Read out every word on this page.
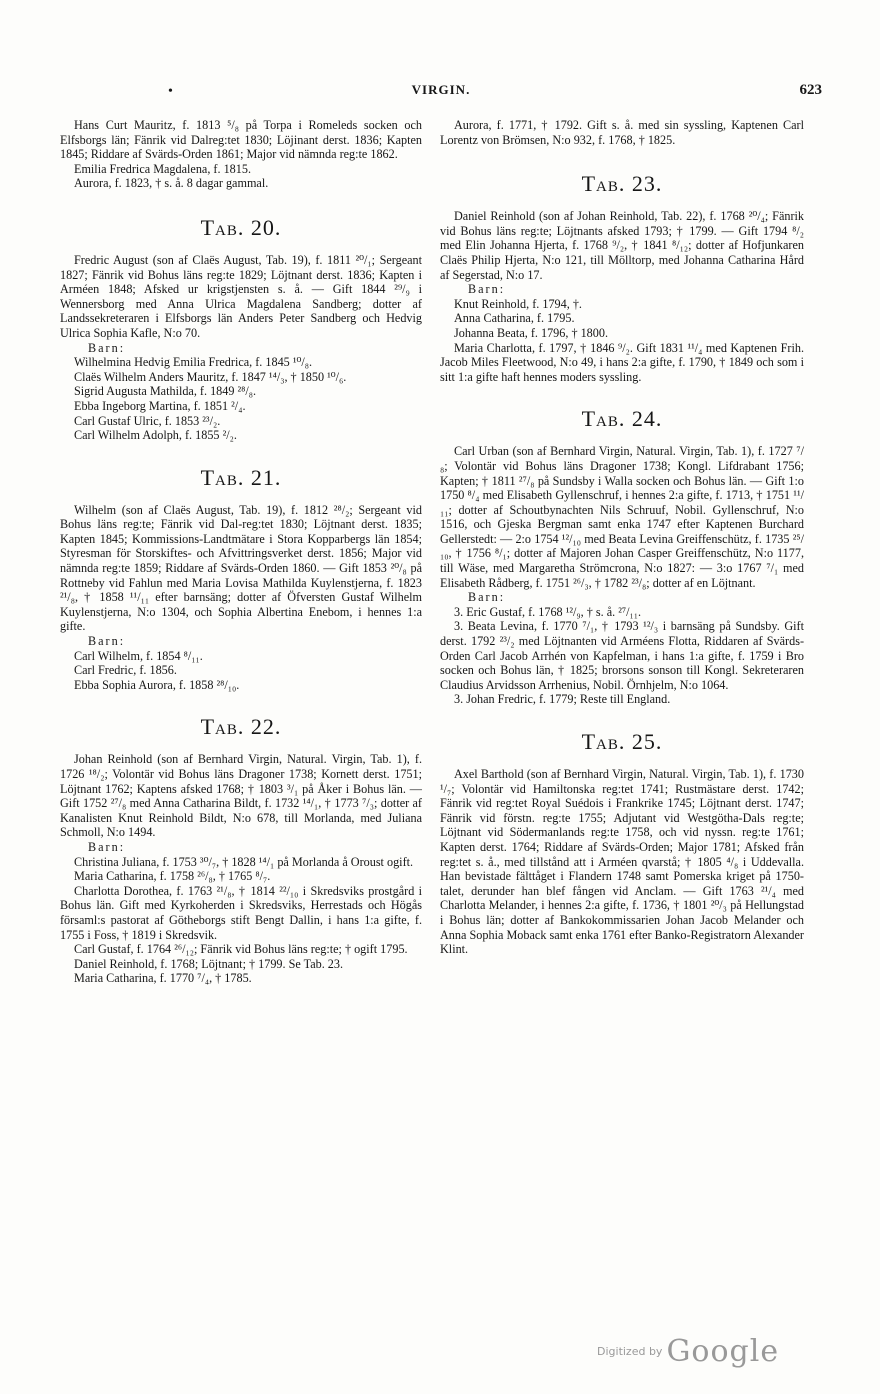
•	VIRGIN.	623

Hans Curt Mauritz, f. 1813 ⁵/₈ på Torpa i Romeleds socken och Elfsborgs län; Fänrik vid Dalreg:tet 1830; Löjinant derst. 1836; Kapten 1845; Riddare af Svärds-Orden 1861; Major vid nämnda reg:te 1862.

Emilia Fredrica Magdalena, f. 1815.

Aurora, f. 1823, † s. å. 8 dagar gammal.

Tab. 20.

Fredric August (son af Claës August, Tab. 19), f. 1811 ²⁰/₁; Sergeant 1827; Fänrik vid Bohus läns reg:te 1829; Löjtnant derst. 1836; Kapten i Arméen 1848; Afsked ur krigstjensten s. å. — Gift 1844 ²⁹/₉ i Wennersborg med Anna Ulrica Magdalena Sandberg; dotter af Landssekreteraren i Elfsborgs län Anders Peter Sandberg och Hedvig Ulrica Sophia Kafle, N:o 70.

Barn:

Wilhelmina Hedvig Emilia Fredrica, f. 1845 ¹⁰/₈.

Claës Wilhelm Anders Mauritz, f. 1847 ¹⁴/₃, † 1850 ¹⁰/₆.

Sigrid Augusta Mathilda, f. 1849 ²⁸/₈.

Ebba Ingeborg Martina, f. 1851 ²/₄.

Carl Gustaf Ulric, f. 1853 ²³/₂.

Carl Wilhelm Adolph, f. 1855 ²/₂.

Tab. 21.

Wilhelm (son af Claës August, Tab. 19), f. 1812 ²⁸/₂; Sergeant vid Bohus läns reg:te; Fänrik vid Dal-reg:tet 1830; Löjtnant derst. 1835; Kapten 1845; Kommissions-Landtmätare i Stora Kopparbergs län 1854; Styresman för Storskiftes- och Afvittringsverket derst. 1856; Major vid nämnda reg:te 1859; Riddare af Svärds-Orden 1860. — Gift 1853 ²⁰/₈ på Rottneby vid Fahlun med Maria Lovisa Mathilda Kuylenstjerna, f. 1823 ²¹/₈, † 1858 ¹¹/₁₁ efter barnsäng; dotter af Öfversten Gustaf Wilhelm Kuylenstjerna, N:o 1304, och Sophia Albertina Enebom, i hennes 1:a gifte.

Barn:

Carl Wilhelm, f. 1854 ⁸/₁₁.

Carl Fredric, f. 1856.

Ebba Sophia Aurora, f. 1858 ²⁸/₁₀.

Tab. 22.

Johan Reinhold (son af Bernhard Virgin, Natural. Virgin, Tab. 1), f. 1726 ¹⁸/₂; Volontär vid Bohus läns Dragoner 1738; Kornett derst. 1751; Löjtnant 1762; Kaptens afsked 1768; † 1803 ³/₁ på Åker i Bohus län. — Gift 1752 ²⁷/₈ med Anna Catharina Bildt, f. 1732 ¹⁴/₁, † 1773 ⁷/₃; dotter af Kanalisten Knut Reinhold Bildt, N:o 678, till Morlanda, med Juliana Schmoll, N:o 1494.

Barn:

Christina Juliana, f. 1753 ³⁰/₇, † 1828 ¹⁴/₁ på Morlanda å Oroust ogift.

Maria Catharina, f. 1758 ²⁶/₈, † 1765 ⁸/₇.

Charlotta Dorothea, f. 1763 ²¹/₈, † 1814 ²²/₁₀ i Skredsviks prostgård i Bohus län. Gift med Kyrkoherden i Skredsviks, Herrestads och Högås församl:s pastorat af Götheborgs stift Bengt Dallin, i hans 1:a gifte, f. 1755 i Foss, † 1819 i Skredsvik.

Carl Gustaf, f. 1764 ²⁶/₁₂; Fänrik vid Bohus läns reg:te; † ogift 1795.

Daniel Reinhold, f. 1768; Löjtnant; † 1799. Se Tab. 23.

Maria Catharina, f. 1770 ⁷/₄, † 1785.

Aurora, f. 1771, † 1792. Gift s. å. med sin syssling, Kaptenen Carl Lorentz von Brömsen, N:o 932, f. 1768, † 1825.

Tab. 23.

Daniel Reinhold (son af Johan Reinhold, Tab. 22), f. 1768 ²⁰/₄; Fänrik vid Bohus läns reg:te; Löjtnants afsked 1793; † 1799. — Gift 1794 ⁸/₂ med Elin Johanna Hjerta, f. 1768 ⁹/₂, † 1841 ⁸/₁₂; dotter af Hofjunkaren Claës Philip Hjerta, N:o 121, till Mölltorp, med Johanna Catharina Hård af Segerstad, N:o 17.

Barn:

Knut Reinhold, f. 1794, †.

Anna Catharina, f. 1795.

Johanna Beata, f. 1796, † 1800.

Maria Charlotta, f. 1797, † 1846 ⁹/₂. Gift 1831 ¹¹/₄ med Kaptenen Frih. Jacob Miles Fleetwood, N:o 49, i hans 2:a gifte, f. 1790, † 1849 och som i sitt 1:a gifte haft hennes moders syssling.

Tab. 24.

Carl Urban (son af Bernhard Virgin, Natural. Virgin, Tab. 1), f. 1727 ⁷/₈; Volontär vid Bohus läns Dragoner 1738; Kongl. Lifdrabant 1756; Kapten; † 1811 ²⁷/₈ på Sundsby i Walla socken och Bohus län. — Gift 1:o 1750 ⁸/₄ med Elisabeth Gyllenschruf, i hennes 2:a gifte, f. 1713, † 1751 ¹¹/₁₁; dotter af Schoutbynachten Nils Schruuf, Nobil. Gyllenschruf, N:o 1516, och Gjeska Bergman samt enka 1747 efter Kaptenen Burchard Gellerstedt: — 2:o 1754 ¹²/₁₀ med Beata Levina Greiffenschütz, f. 1735 ²⁵/₁₀, † 1756 ⁸/₁; dotter af Majoren Johan Casper Greiffenschütz, N:o 1177, till Wäse, med Margaretha Strömcrona, N:o 1827: — 3:o 1767 ⁷/₁ med Elisabeth Rådberg, f. 1751 ²⁶/₃, † 1782 ²³/₈; dotter af en Löjtnant.

Barn:

3. Eric Gustaf, f. 1768 ¹²/₉, † s. å. ²⁷/₁₁.

3. Beata Levina, f. 1770 ⁷/₁, † 1793 ¹²/₃ i barnsäng på Sundsby. Gift derst. 1792 ²³/₂ med Löjtnanten vid Arméens Flotta, Riddaren af Svärds-Orden Carl Jacob Arrhén von Kapfelman, i hans 1:a gifte, f. 1759 i Bro socken och Bohus län, † 1825; brorsons sonson till Kongl. Sekreteraren Claudius Arvidsson Arrhenius, Nobil. Örnhjelm, N:o 1064.

3. Johan Fredric, f. 1779; Reste till England.

Tab. 25.

Axel Barthold (son af Bernhard Virgin, Natural. Virgin, Tab. 1), f. 1730 ¹/₇; Volontär vid Hamiltonska reg:tet 1741; Rustmästare derst. 1742; Fänrik vid reg:tet Royal Suédois i Frankrike 1745; Löjtnant derst. 1747; Fänrik vid förstn. reg:te 1755; Adjutant vid Westgötha-Dals reg:te; Löjtnant vid Södermanlands reg:te 1758, och vid nyssn. reg:te 1761; Kapten derst. 1764; Riddare af Svärds-Orden; Major 1781; Afsked från reg:tet s. å., med tillstånd att i Arméen qvarstå; † 1805 ⁴/₈ i Uddevalla. Han bevistade fälttåget i Flandern 1748 samt Pomerska kriget på 1750-talet, derunder han blef fången vid Anclam. — Gift 1763 ²¹/₄ med Charlotta Melander, i hennes 2:a gifte, f. 1736, † 1801 ²⁰/₃ på Hellungstad i Bohus län; dotter af Bankokommissarien Johan Jacob Melander och Anna Sophia Moback samt enka 1761 efter Banko-Registratorn Alexander Klint.

Digitized by Google
